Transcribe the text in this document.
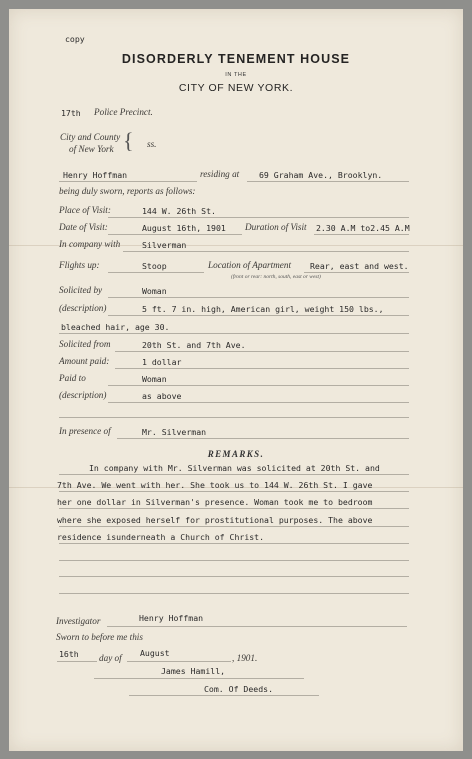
copy
DISORDERLY TENEMENT HOUSE
IN THE
CITY OF NEW YORK.
17th Police Precinct.
City and County
of New York { ss.
Henry Hoffman	residing at 69 Graham Ave., Brooklyn.
being duly sworn, reports as follows:
Place of Visit:	144 W. 26th St.
Date of Visit:	August 16th, 1901 Duration of Visit 2.30 A.M to2.45 A.M
In company with	Silverman
Flights up:	Stoop	Location of Apartment Rear, east and west.
(front or rear: north, south, east or west)
Solicited by	Woman
(description)	5 ft. 7 in. high, American girl, weight 150 lbs.,
bleached hair, age 30.
Solicited from	20th St. and 7th Ave.
Amount paid:	1 dollar
Paid to	Woman
(description)	as above
In presence of	Mr. Silverman
REMARKS.
In company with Mr. Silverman was solicited at 20th St. and
7th Ave. We went with her. She took us to 144 W. 26th St. I gave
her one dollar in Silverman's presence. Woman took me to bedroom
where she exposed herself for prostitutional purposes. The above
residence isunderneath a Church of Christ.
Investigator	Henry Hoffman
Sworn to before me this
16th day of August	, 1901.
James Hamill,
Com. Of Deeds.
